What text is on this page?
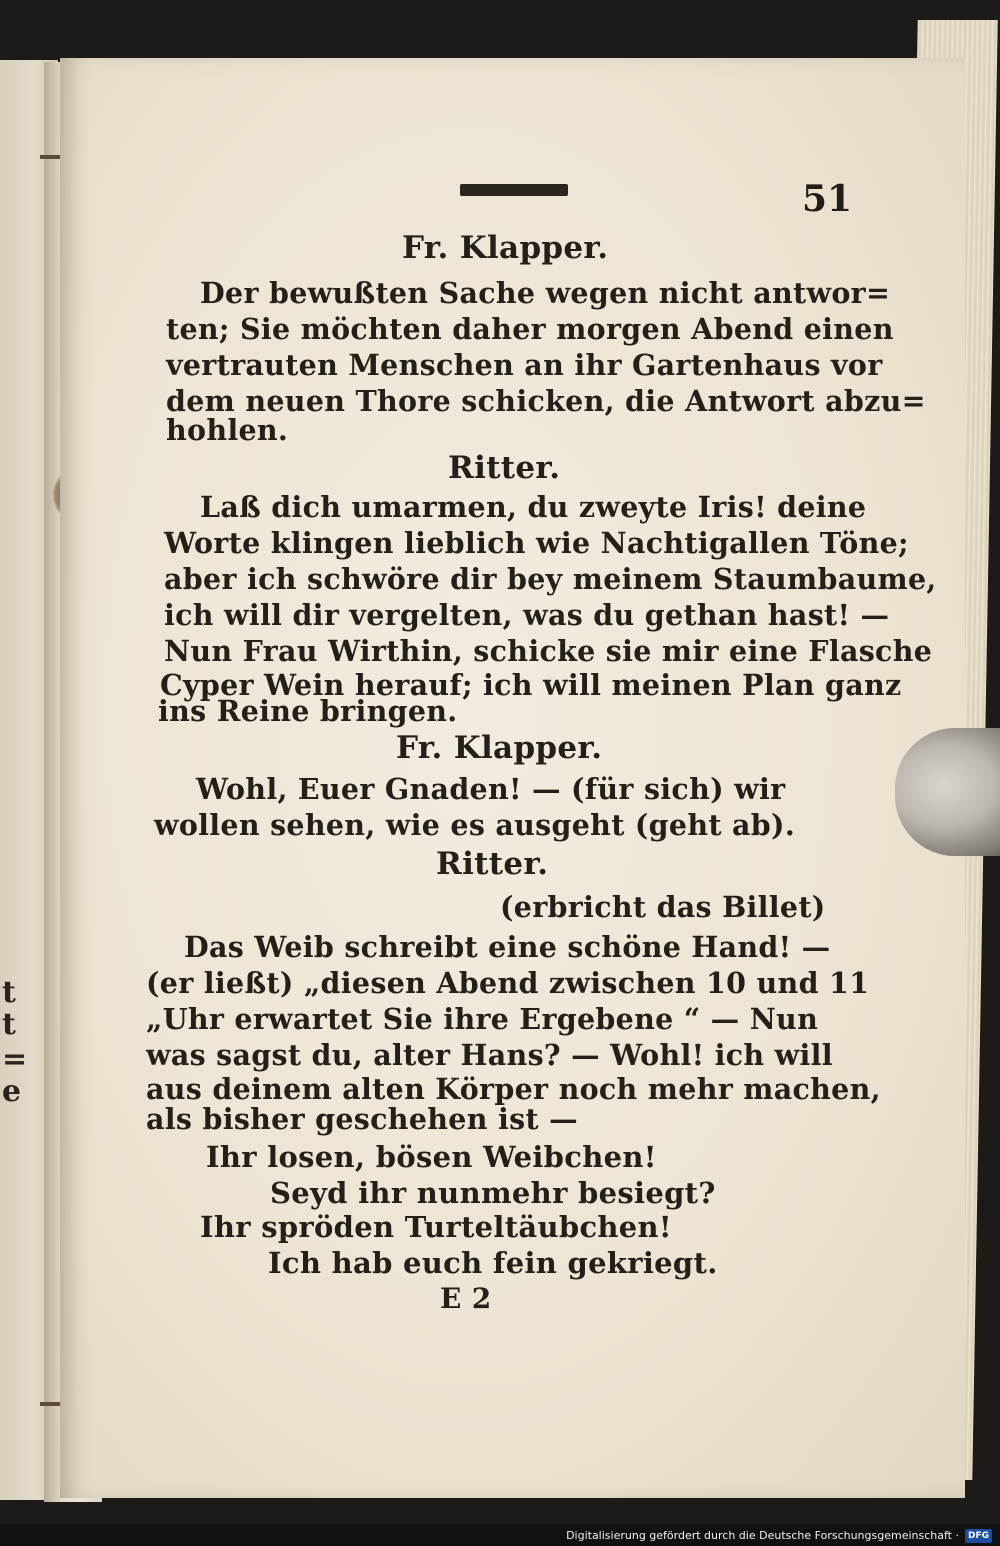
t
t
=
e
51
Fr. Klapper.
Der bewußten Sache wegen nicht antwor=
ten; Sie möchten daher morgen Abend einen
vertrauten Menschen an ihr Gartenhaus vor
dem neuen Thore schicken, die Antwort abzu=
hohlen.
Ritter.
Laß dich umarmen, du zweyte Iris! deine
Worte klingen lieblich wie Nachtigallen Töne;
aber ich schwöre dir bey meinem Staumbaume,
ich will dir vergelten, was du gethan hast! —
Nun Frau Wirthin, schicke sie mir eine Flasche
Cyper Wein herauf; ich will meinen Plan ganz
ins Reine bringen.
Fr. Klapper.
Wohl, Euer Gnaden! — (für sich) wir
wollen sehen, wie es ausgeht (geht ab).
Ritter.
(erbricht das Billet)
Das Weib schreibt eine schöne Hand! —
(er ließt) „diesen Abend zwischen 10 und 11
„Uhr erwartet Sie ihre Ergebene “ — Nun
was sagst du, alter Hans? — Wohl! ich will
aus deinem alten Körper noch mehr machen,
als bisher geschehen ist —
Ihr losen, bösen Weibchen!
Seyd ihr nunmehr besiegt?
Ihr spröden Turteltäubchen!
Ich hab euch fein gekriegt.
E 2
Digitalisierung gefördert durch die Deutsche Forschungsgemeinschaft ·	DFG
